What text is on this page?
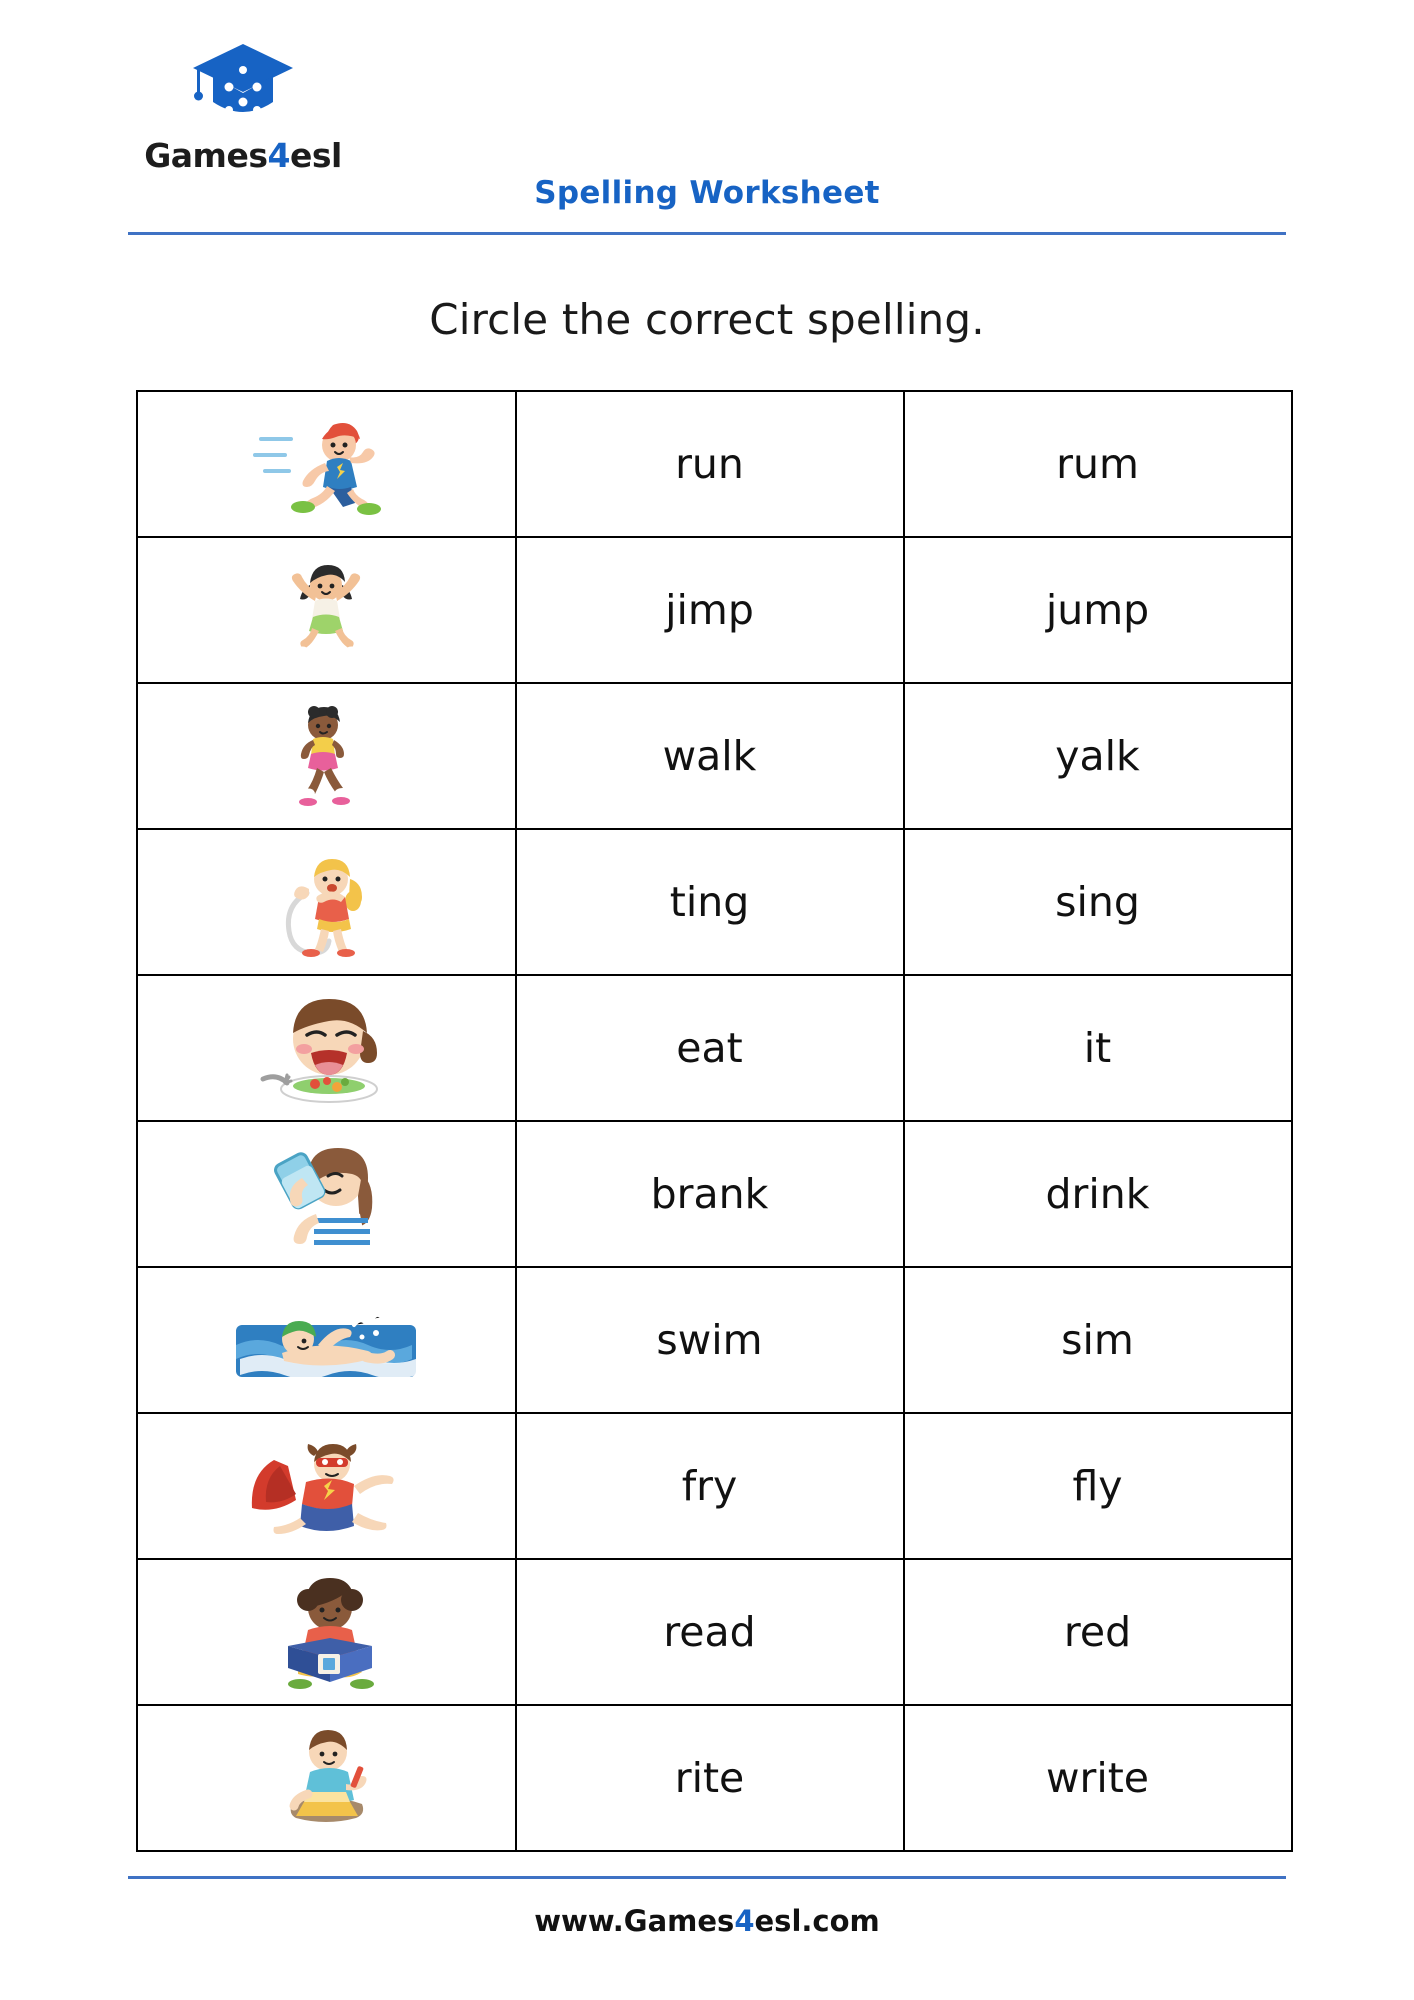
Games4esl
Spelling Worksheet
Circle the correct spelling.
	run	rum

	jimp	jump

	walk	yalk

	ting	sing

	eat	it

	brank	drink

	swim	sim

	fry	fly

	read	red

	rite	write
www.Games4esl.com
